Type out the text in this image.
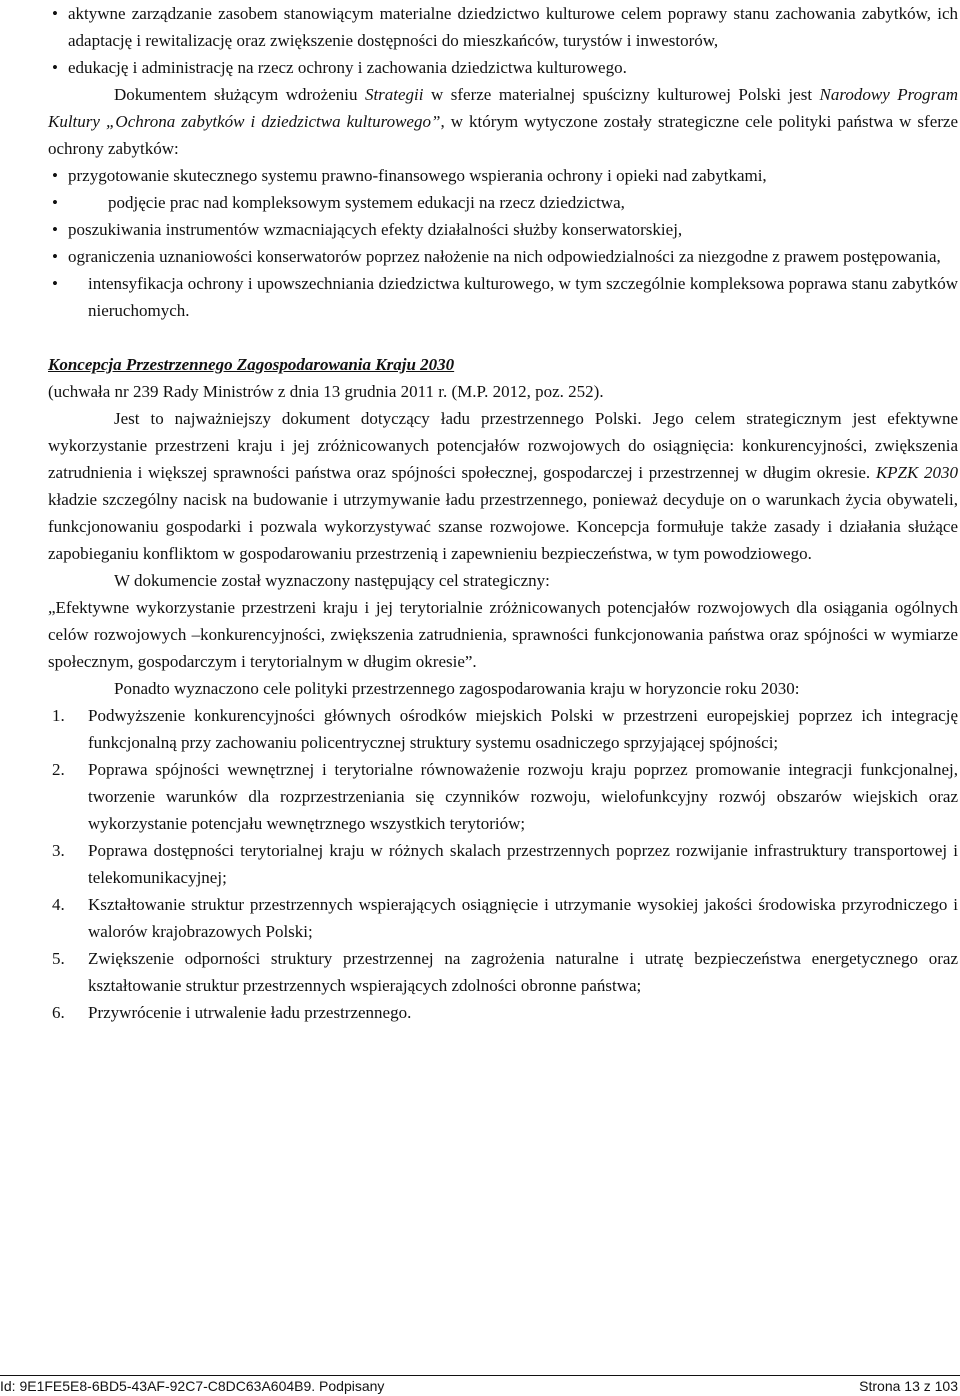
• aktywne zarządzanie zasobem stanowiącym materialne dziedzictwo kulturowe celem poprawy stanu zachowania zabytków, ich adaptację i rewitalizację oraz zwiększenie dostępności do mieszkańców, turystów i inwestorów,

• edukację i administrację na rzecz ochrony i zachowania dziedzictwa kulturowego.

Dokumentem służącym wdrożeniu Strategii w sferze materialnej spuścizny kulturowej Polski jest Narodowy Program Kultury „Ochrona zabytków i dziedzictwa kulturowego”, w którym wytyczone zostały strategiczne cele polityki państwa w sferze ochrony zabytków:

• przygotowanie skutecznego systemu prawno-finansowego wspierania ochrony i opieki nad zabytkami,

•	podjęcie prac nad kompleksowym systemem edukacji na rzecz dziedzictwa,

• poszukiwania instrumentów wzmacniających efekty działalności służby konserwatorskiej,

• ograniczenia uznaniowości konserwatorów poprzez nałożenie na nich odpowiedzialności za niezgodne z prawem postępowania,

• intensyfikacja ochrony i upowszechniania dziedzictwa kulturowego, w tym szczególnie kompleksowa poprawa stanu zabytków nieruchomych.

Koncepcja Przestrzennego Zagospodarowania Kraju 2030

(uchwała nr 239 Rady Ministrów z dnia 13 grudnia 2011 r. (M.P. 2012, poz. 252).

Jest to najważniejszy dokument dotyczący ładu przestrzennego Polski. Jego celem strategicznym jest efektywne wykorzystanie przestrzeni kraju i jej zróżnicowanych potencjałów rozwojowych do osiągnięcia: konkurencyjności, zwiększenia zatrudnienia i większej sprawności państwa oraz spójności społecznej, gospodarczej i przestrzennej w długim okresie. KPZK 2030 kładzie szczególny nacisk na budowanie i utrzymywanie ładu przestrzennego, ponieważ decyduje on o warunkach życia obywateli, funkcjonowaniu gospodarki i pozwala wykorzystywać szanse rozwojowe. Koncepcja formułuje także zasady i działania służące zapobieganiu konfliktom w gospodarowaniu przestrzenią i zapewnieniu bezpieczeństwa, w tym powodziowego.

W dokumencie został wyznaczony następujący cel strategiczny:

„Efektywne wykorzystanie przestrzeni kraju i jej terytorialnie zróżnicowanych potencjałów rozwojowych dla osiągania ogólnych celów rozwojowych –konkurencyjności, zwiększenia zatrudnienia, sprawności funkcjonowania państwa oraz spójności w wymiarze społecznym, gospodarczym i terytorialnym w długim okresie”.

Ponadto wyznaczono cele polityki przestrzennego zagospodarowania kraju w horyzoncie roku 2030:

1. Podwyższenie konkurencyjności głównych ośrodków miejskich Polski w przestrzeni europejskiej poprzez ich integrację funkcjonalną przy zachowaniu policentrycznej struktury systemu osadniczego sprzyjającej spójności;

2. Poprawa spójności wewnętrznej i terytorialne równoważenie rozwoju kraju poprzez promowanie integracji funkcjonalnej, tworzenie warunków dla rozprzestrzeniania się czynników rozwoju, wielofunkcyjny rozwój obszarów wiejskich oraz wykorzystanie potencjału wewnętrznego wszystkich terytoriów;

3. Poprawa dostępności terytorialnej kraju w różnych skalach przestrzennych poprzez rozwijanie infrastruktury transportowej i telekomunikacyjnej;

4. Kształtowanie struktur przestrzennych wspierających osiągnięcie i utrzymanie wysokiej jakości środowiska przyrodniczego i walorów krajobrazowych Polski;

5. Zwiększenie odporności struktury przestrzennej na zagrożenia naturalne i utratę bezpieczeństwa energetycznego oraz kształtowanie struktur przestrzennych wspierających zdolności obronne państwa;

6. Przywrócenie i utrwalenie ładu przestrzennego.

Id: 9E1FE5E8-6BD5-43AF-92C7-C8DC63A604B9. Podpisany	Strona 13 z 103
